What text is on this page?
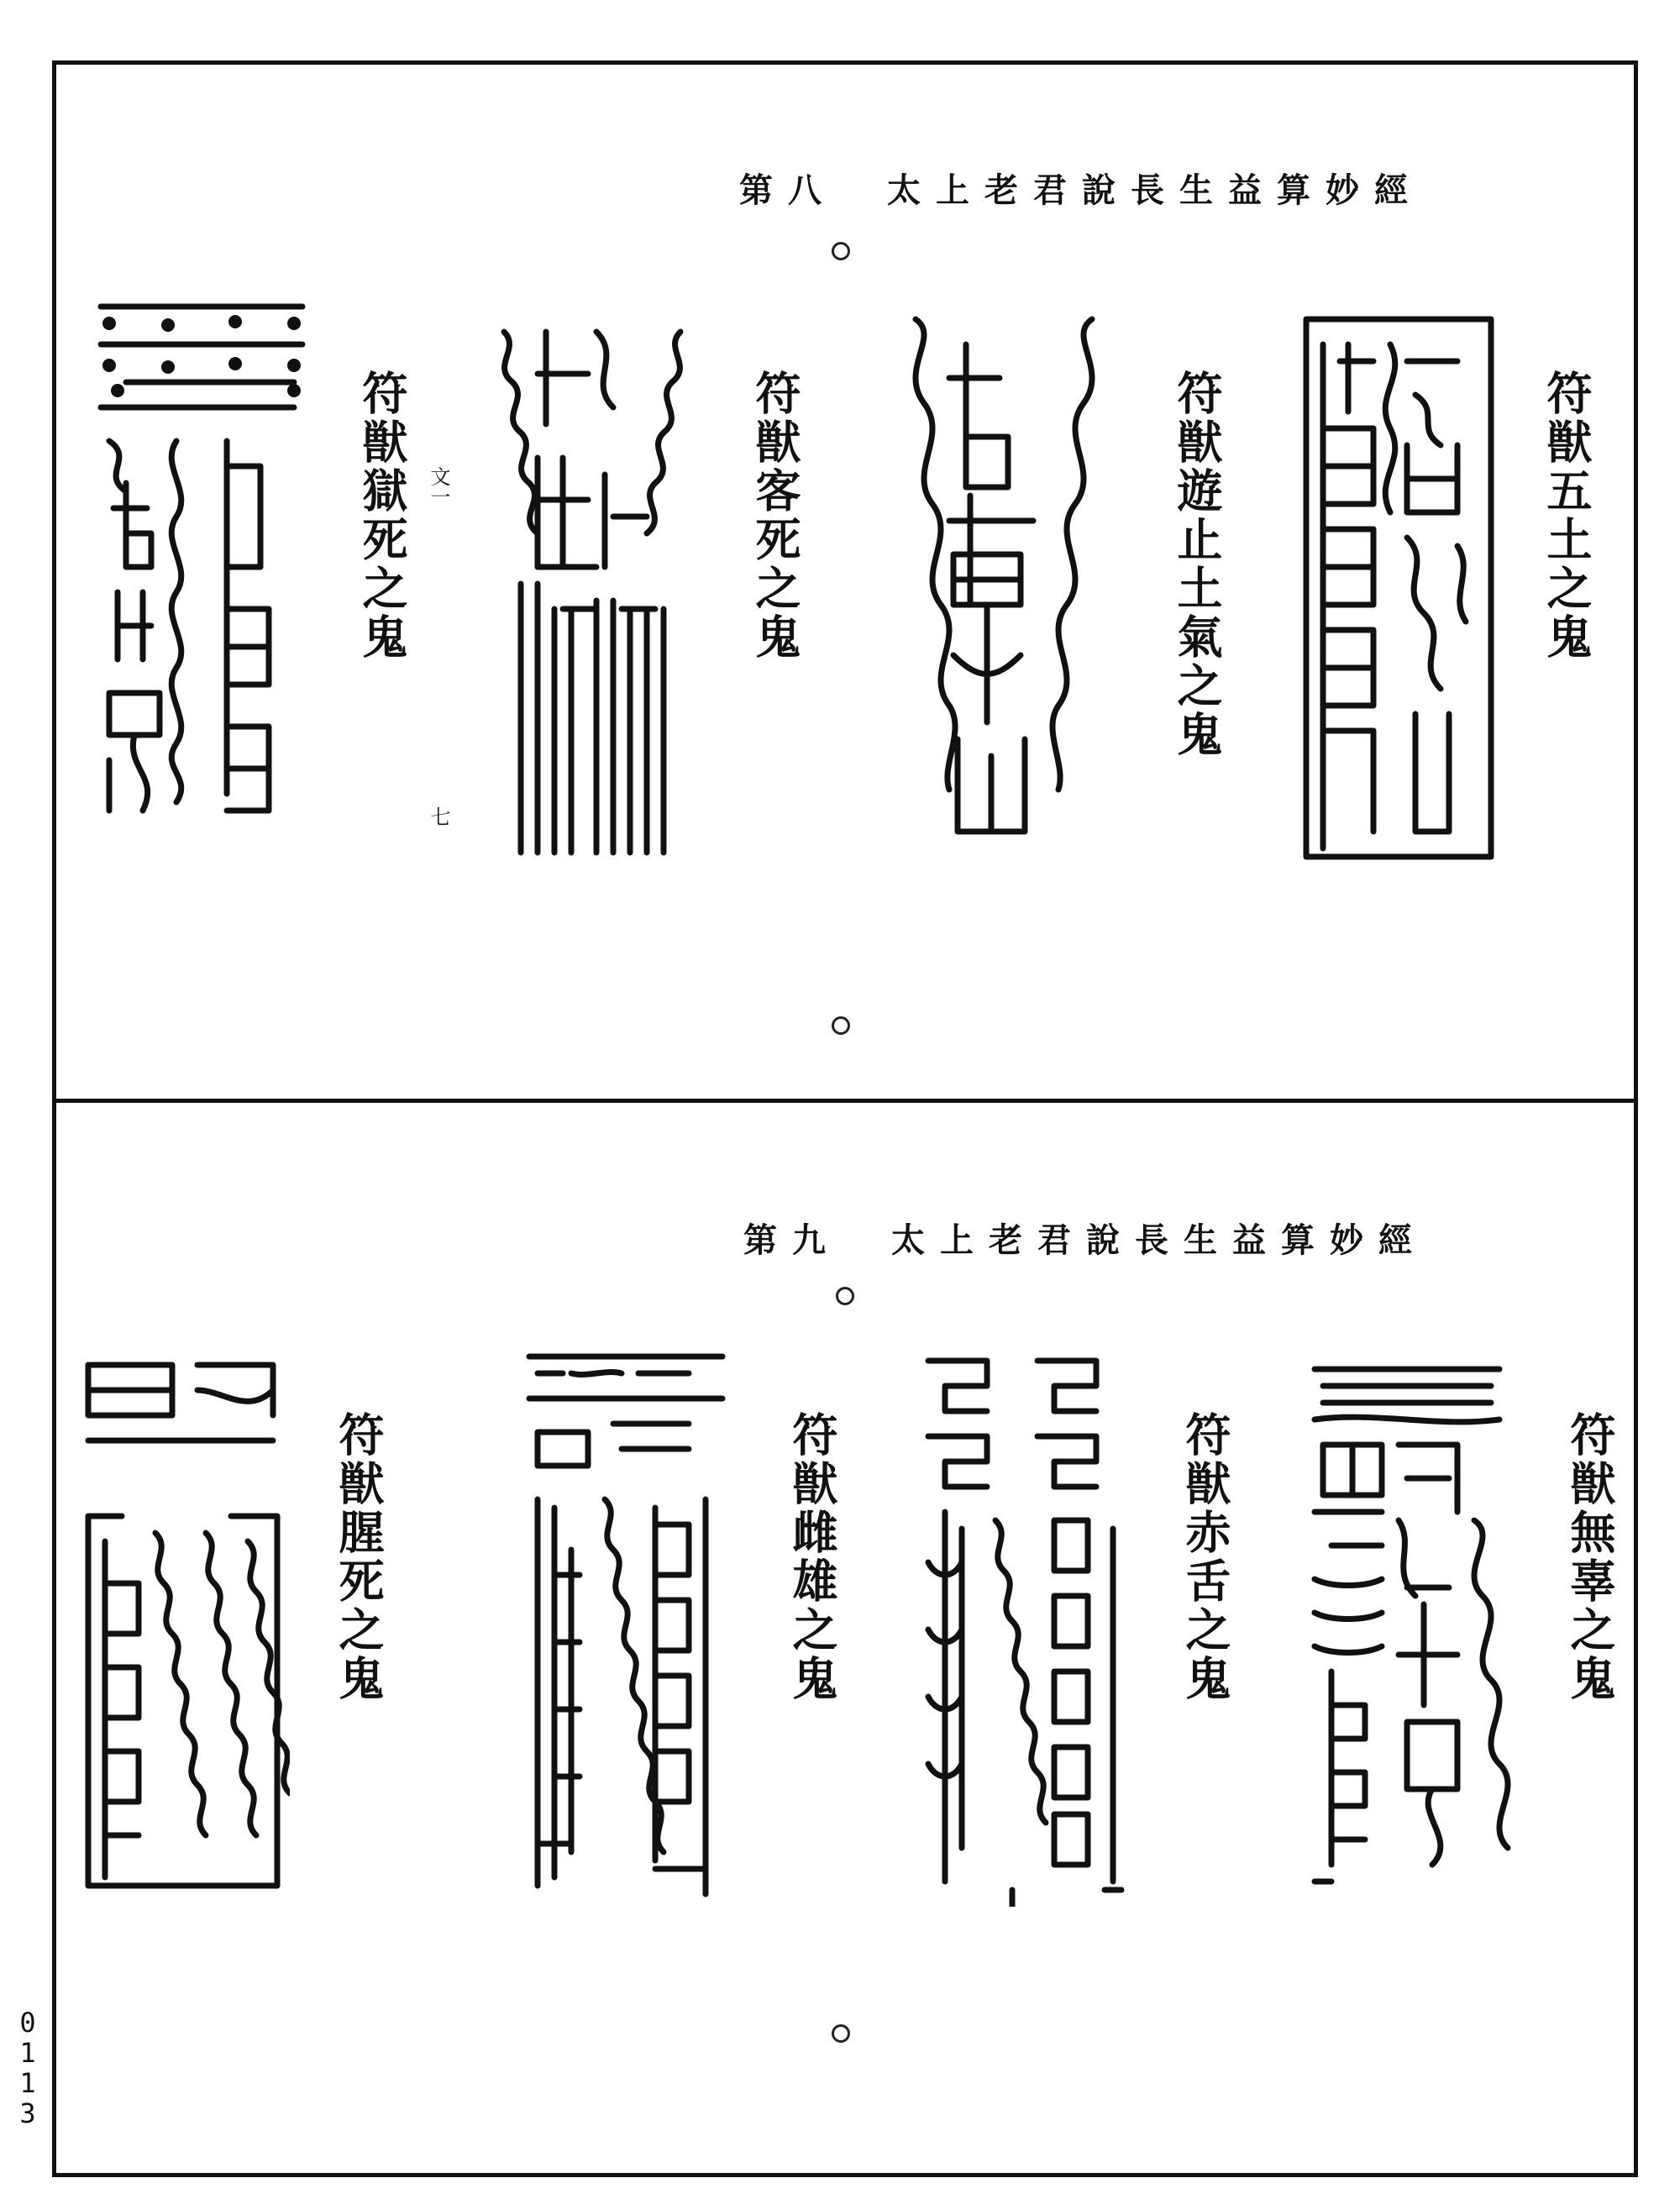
第八 太上老君說長生益算妙經
符獣五土之鬼
符獣遊止土氣之鬼
符獣客死之鬼
符獣獄死之鬼 文一
七
第九 太上老君說長生益算妙經
符獣無辜之鬼
符獣赤舌之鬼
符獣雌雄之鬼
符獣腥死之鬼
0113
